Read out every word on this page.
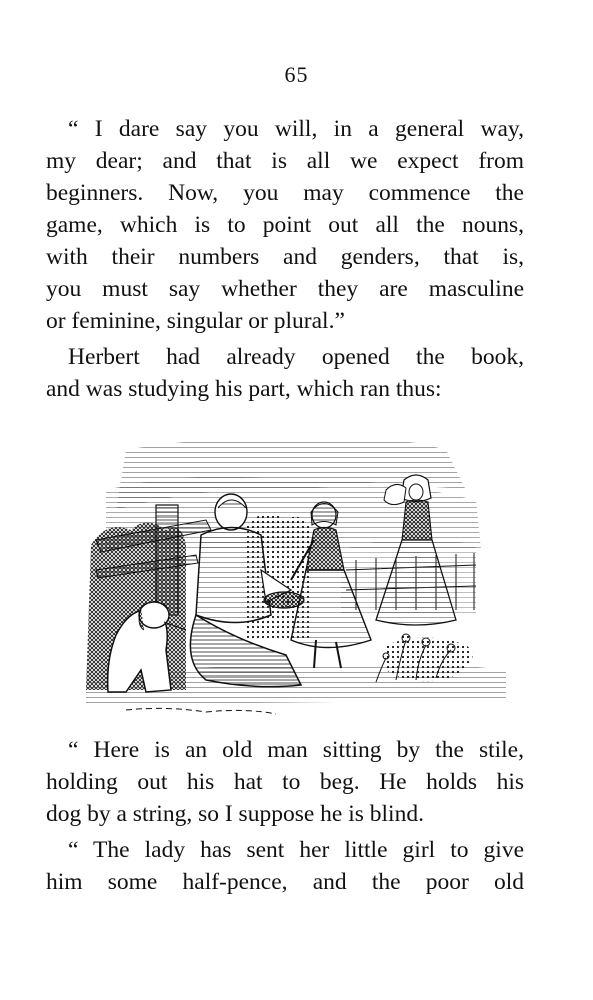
65
“ I dare say you will, in a general way,
my dear; and that is all we expect from
beginners. Now, you may commence the
game, which is to point out all the nouns,
with their numbers and genders, that is,
you must say whether they are masculine
or feminine, singular or plural.”
Herbert had already opened the book,
and was studying his part, which ran thus:
“ Here is an old man sitting by the stile,
holding out his hat to beg. He holds his
dog by a string, so I suppose he is blind.
“ The lady has sent her little girl to give
him some half-pence, and the poor old
